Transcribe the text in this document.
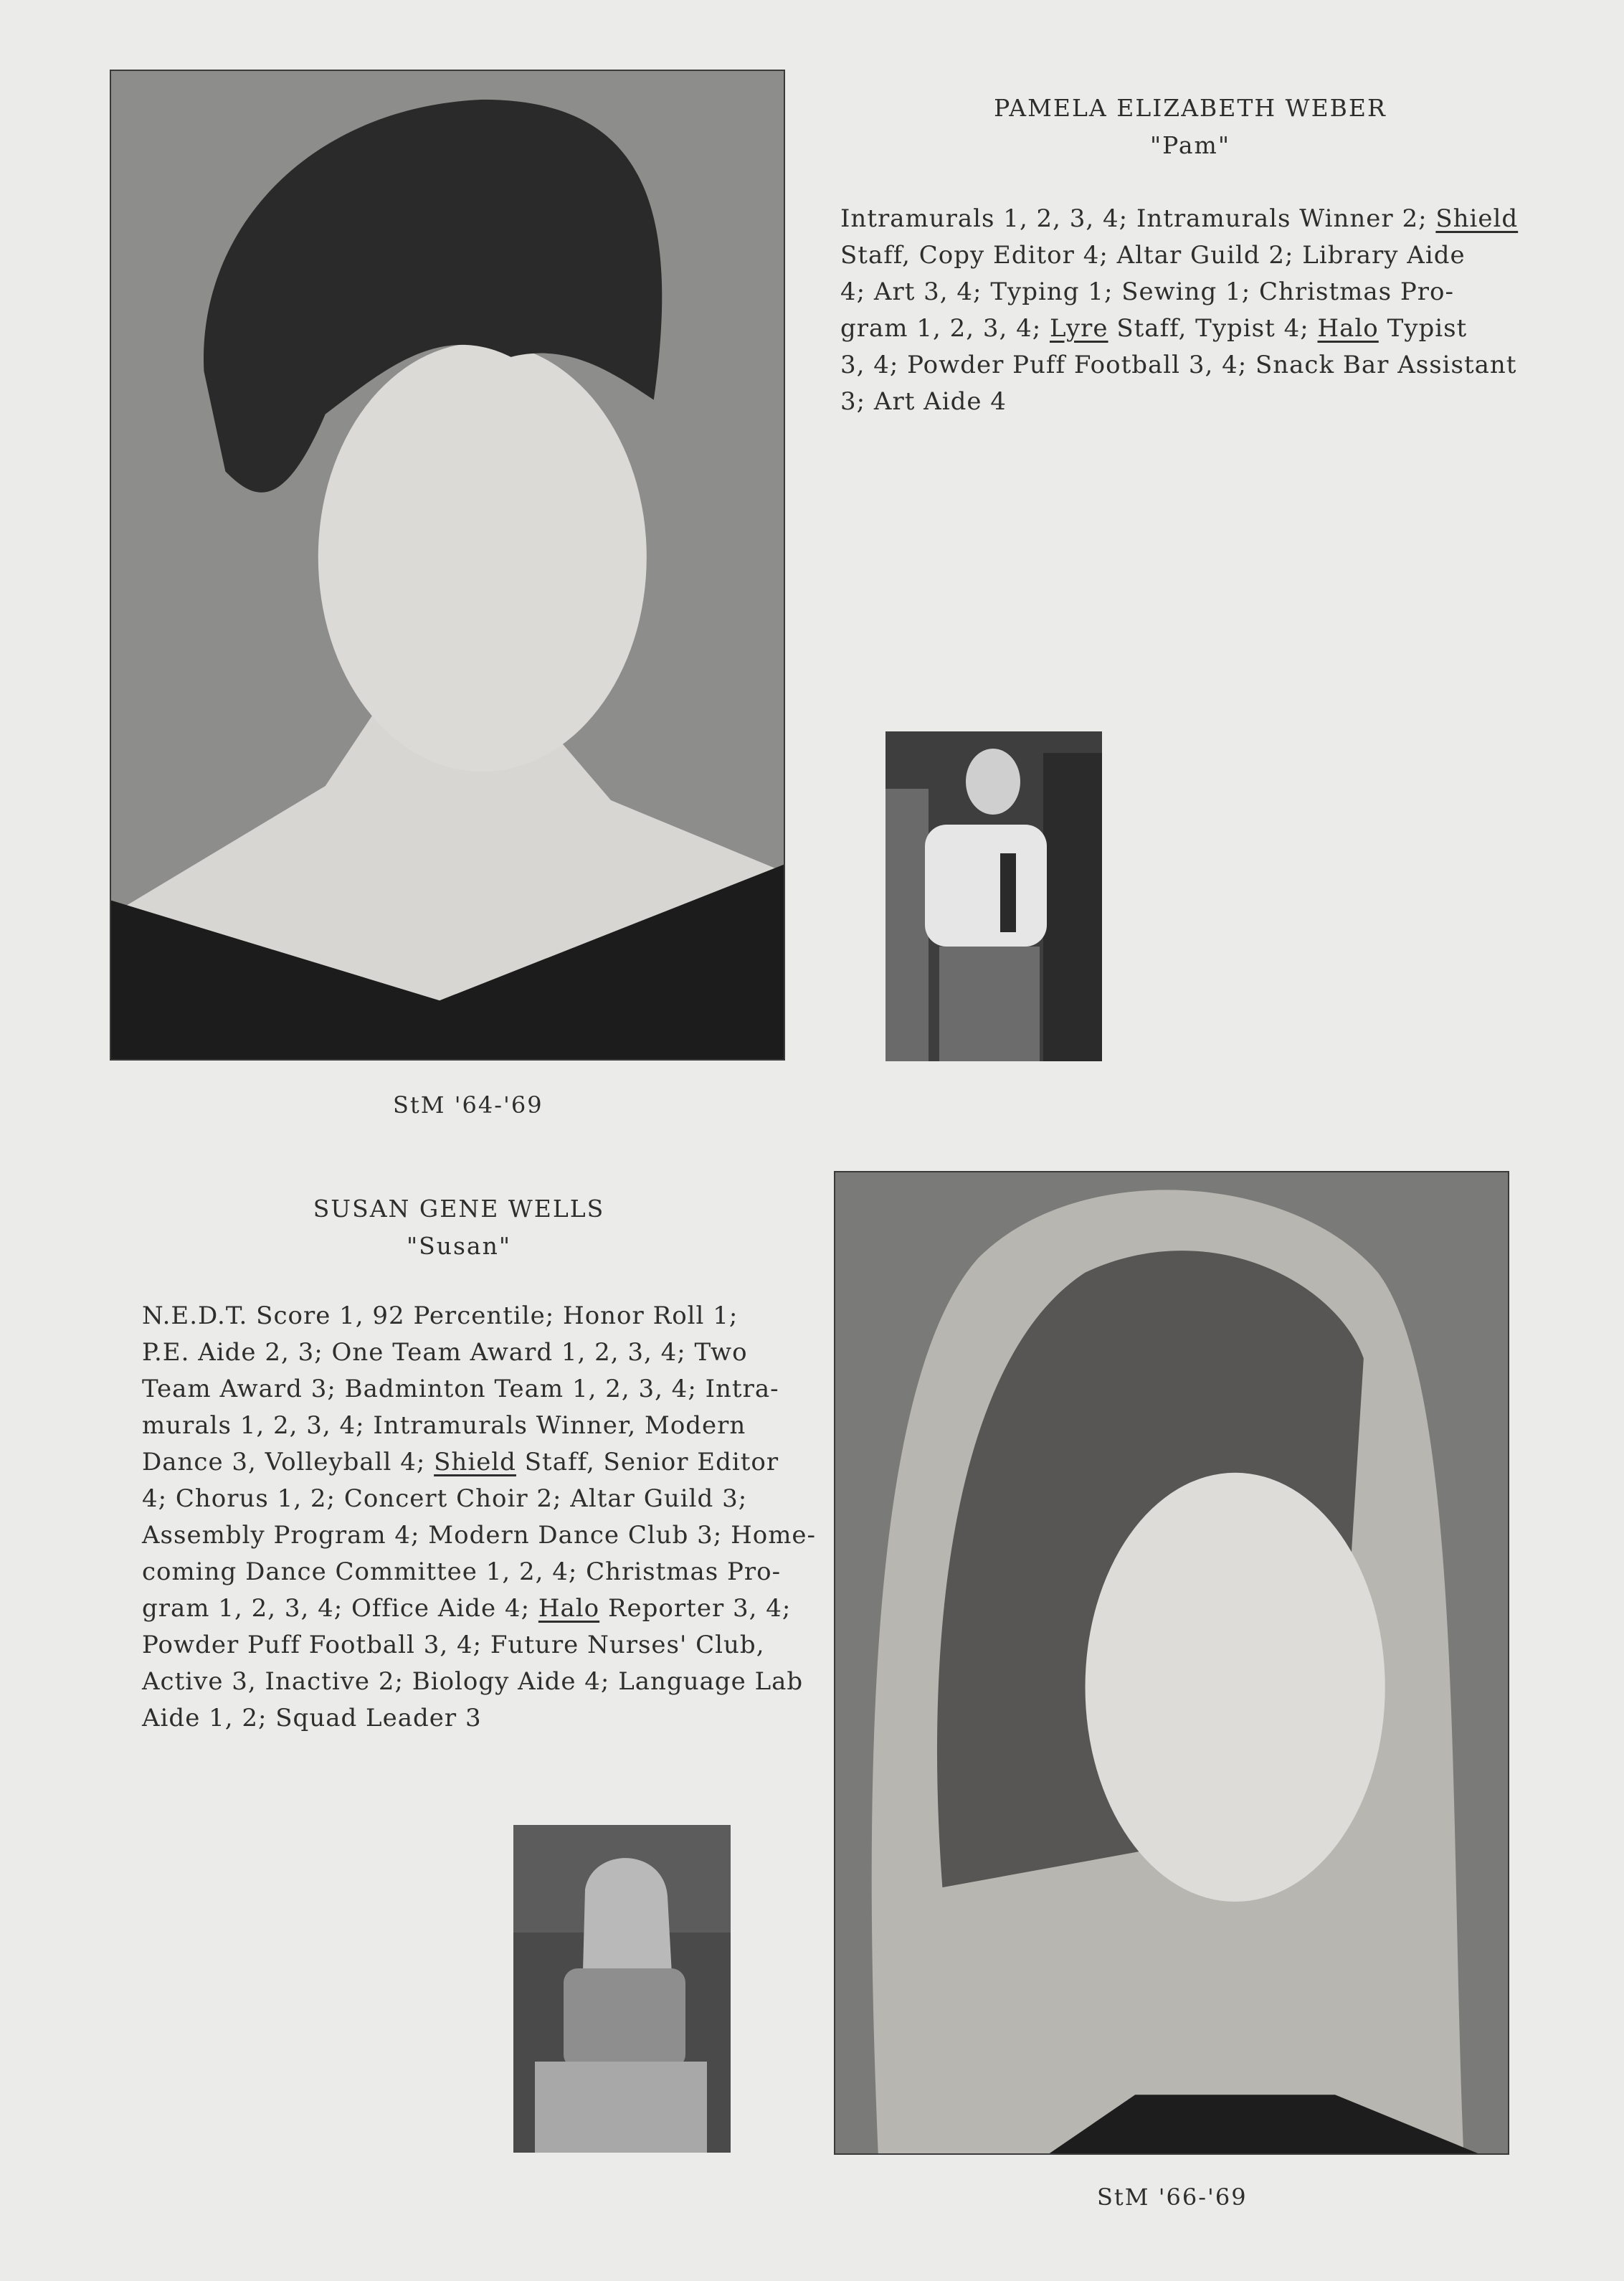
PAMELA ELIZABETH WEBER
"Pam"
Intramurals 1, 2, 3, 4; Intramurals Winner 2; Shield
Staff, Copy Editor 4; Altar Guild 2; Library Aide
4; Art 3, 4; Typing 1; Sewing 1; Christmas Pro-
gram 1, 2, 3, 4; Lyre Staff, Typist 4; Halo Typist
3, 4; Powder Puff Football 3, 4; Snack Bar Assistant
3; Art Aide 4
StM '64-'69
SUSAN GENE WELLS
"Susan"
N.E.D.T. Score 1, 92 Percentile; Honor Roll 1;
P.E. Aide 2, 3; One Team Award 1, 2, 3, 4; Two
Team Award 3; Badminton Team 1, 2, 3, 4; Intra-
murals 1, 2, 3, 4; Intramurals Winner, Modern
Dance 3, Volleyball 4; Shield Staff, Senior Editor
4; Chorus 1, 2; Concert Choir 2; Altar Guild 3;
Assembly Program 4; Modern Dance Club 3; Home-
coming Dance Committee 1, 2, 4; Christmas Pro-
gram 1, 2, 3, 4; Office Aide 4; Halo Reporter 3, 4;
Powder Puff Football 3, 4; Future Nurses' Club,
Active 3, Inactive 2; Biology Aide 4; Language Lab
Aide 1, 2; Squad Leader 3
StM '66-'69
